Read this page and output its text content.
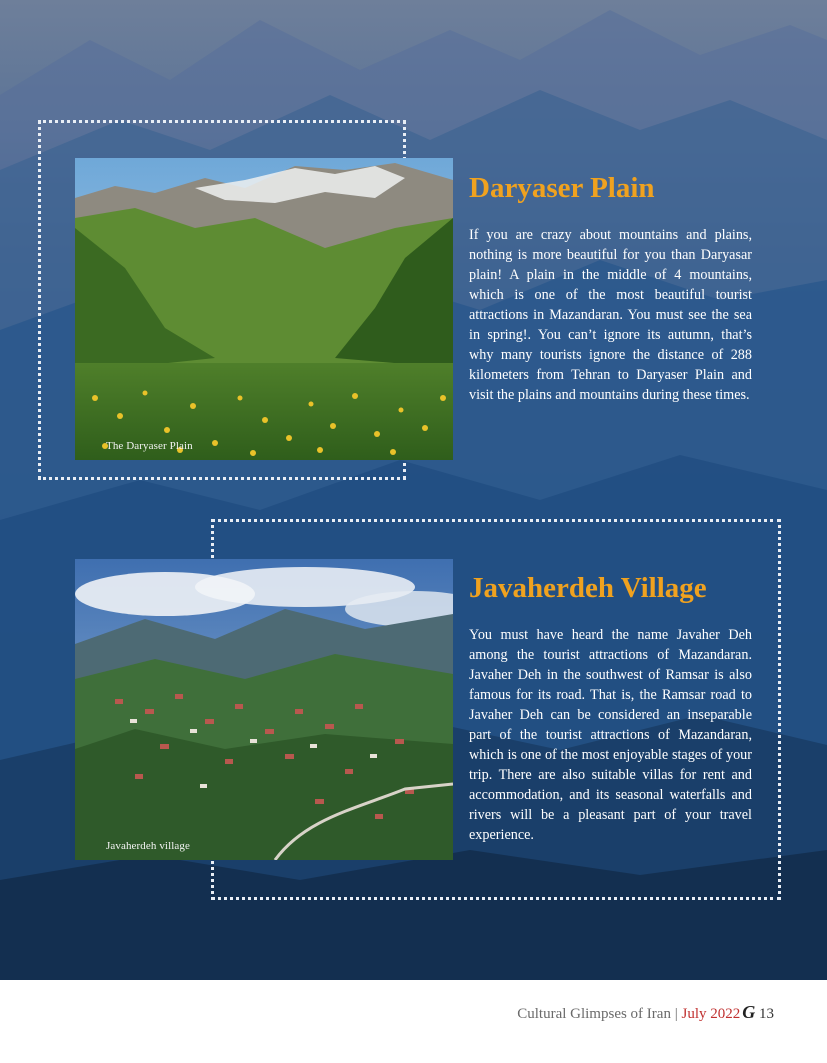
The Daryaser Plain
Daryaser Plain

If you are crazy about mountains and plains, nothing is more beautiful for you than Daryasar plain! A plain in the middle of 4 mountains, which is one of the most beautiful tourist attractions in Mazandaran. You must see the sea in spring!. You can’t ignore its autumn, that’s why many tourists ignore the distance of 288 kilometers from Tehran to Daryaser Plain and visit the plains and mountains during these times.

Javaherdeh village
Javaherdeh Village

You must have heard the name Javaher Deh among the tourist attractions of Mazandaran. Javaher Deh in the southwest of Ramsar is also famous for its road. That is, the Ramsar road to Javaher Deh can be considered an inseparable part of the tourist attractions of Mazandaran, which is one of the most enjoyable stages of your trip. There are also suitable villas for rent and accommodation, and its seasonal waterfalls and rivers will be a pleasant part of your travel experience.

Cultural Glimpses of Iran | July 2022 G 13
